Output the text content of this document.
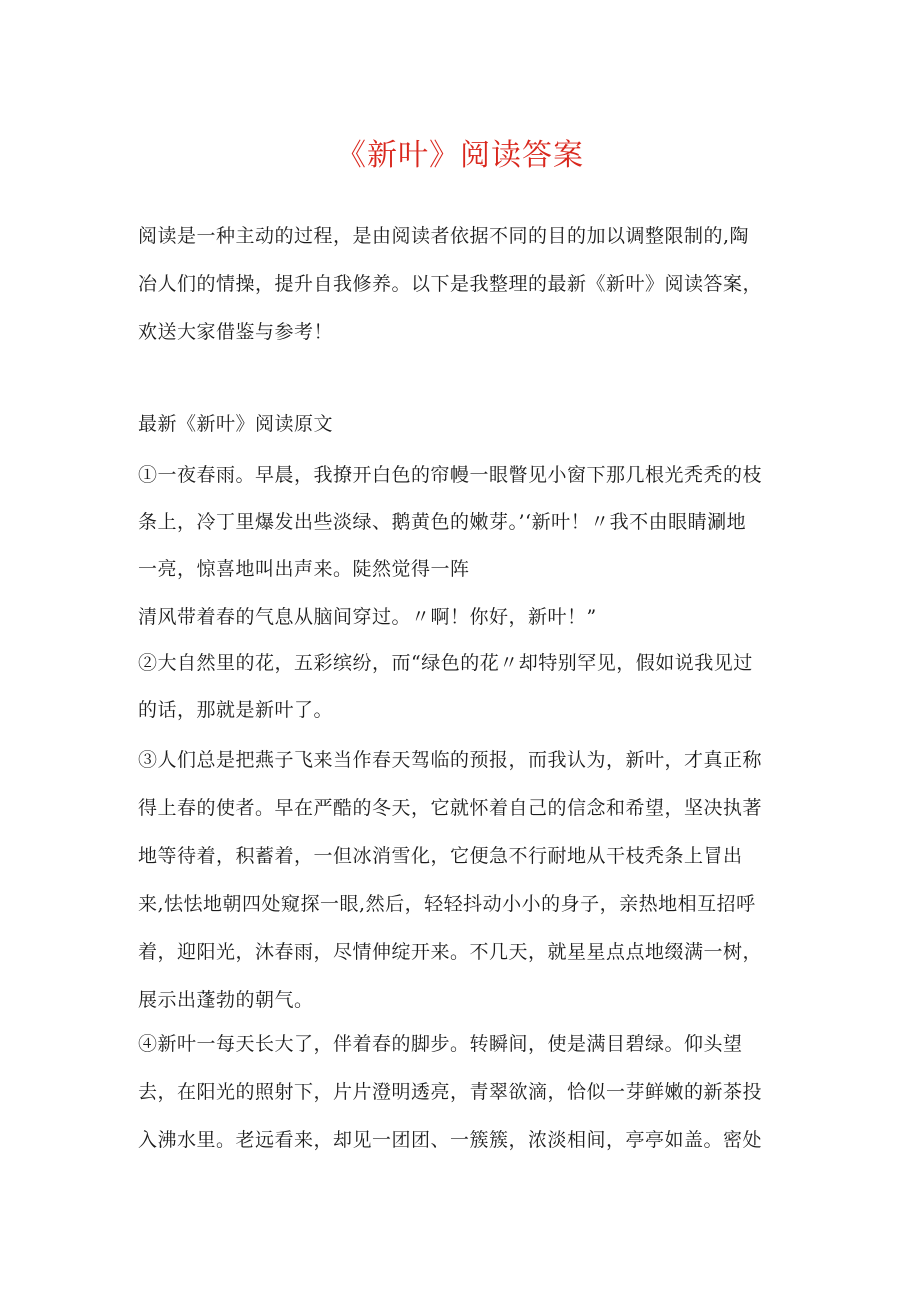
《新叶》阅读答案
阅读是一种主动的过程，是由阅读者依据不同的目的加以调整限制的,陶
冶人们的情操，提升自我修养。以下是我整理的最新《新叶》阅读答案，
欢送大家借鉴与参考！
最新《新叶》阅读原文
①一夜春雨。早晨，我撩开白色的帘幔一眼瞥见小窗下那几根光秃秃的枝
条上，冷丁里爆发出些淡绿、鹅黄色的嫩芽。’‘新叶！〃我不由眼睛涮地
一亮，惊喜地叫出声来。陡然觉得一阵
清风带着春的气息从脑间穿过。〃啊！你好，新叶！”
②大自然里的花，五彩缤纷，而“绿色的花〃却特别罕见，假如说我见过
的话，那就是新叶了。
③人们总是把燕子飞来当作春天驾临的预报，而我认为，新叶，才真正称
得上春的使者。早在严酷的冬天，它就怀着自己的信念和希望，坚决执著
地等待着，积蓄着，一但冰消雪化，它便急不行耐地从干枝秃条上冒出
来,怯怯地朝四处窥探一眼,然后，轻轻抖动小小的身子，亲热地相互招呼
着，迎阳光，沐春雨，尽情伸绽开来。不几天，就星星点点地缀满一树，
展示出蓬勃的朝气。
④新叶一每天长大了，伴着春的脚步。转瞬间，使是满目碧绿。仰头望
去，在阳光的照射下，片片澄明透亮，青翠欲滴，恰似一芽鲜嫩的新茶投
入沸水里。老远看来，却见一团团、一簇簇，浓淡相间，亭亭如盖。密处
